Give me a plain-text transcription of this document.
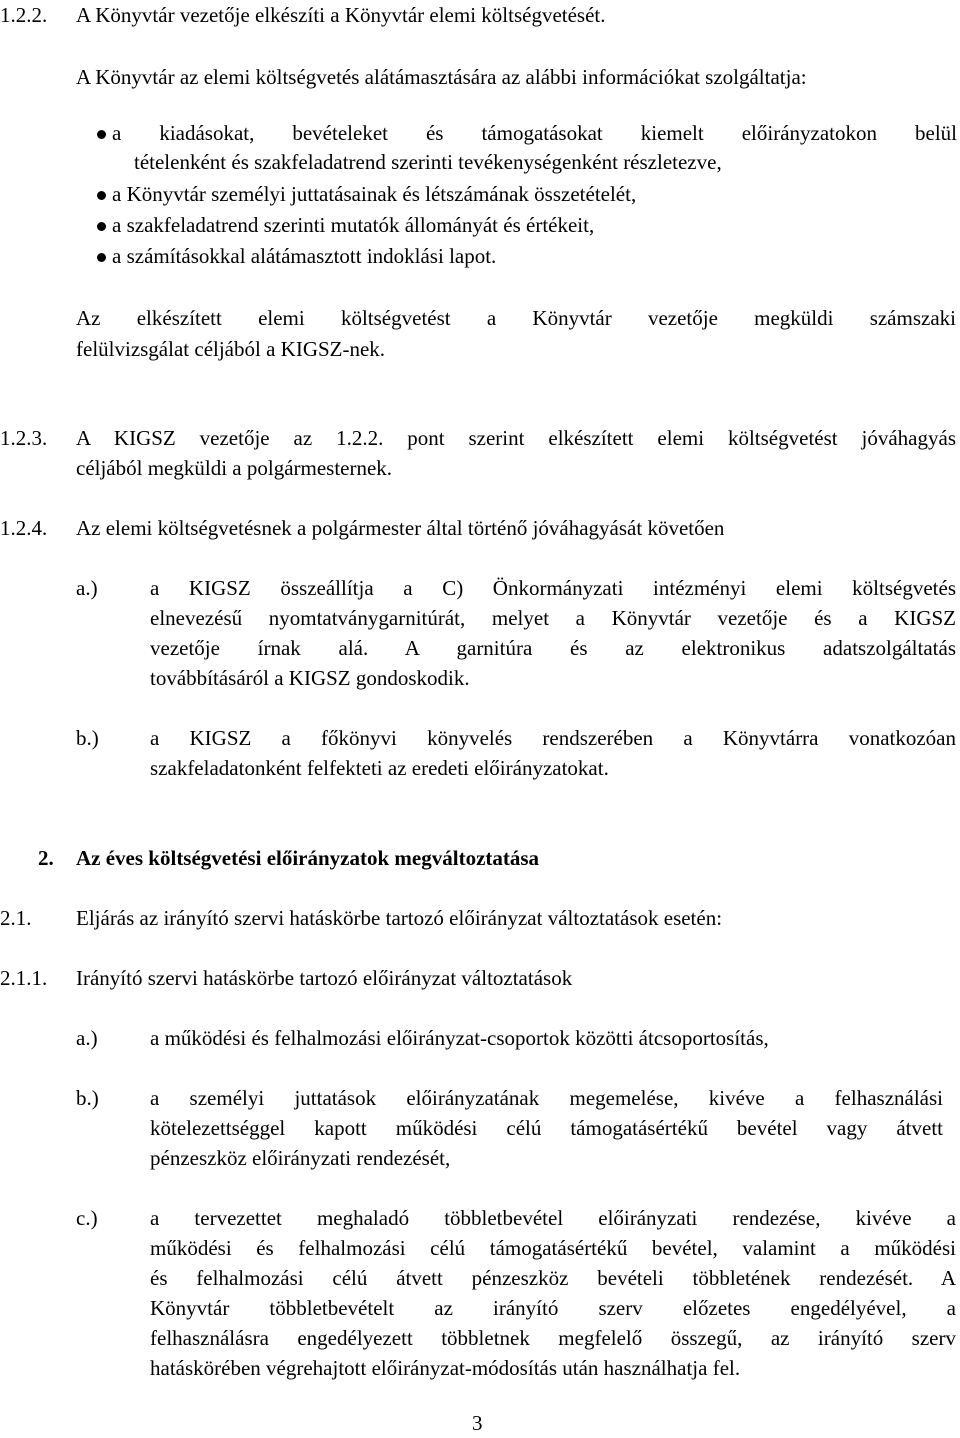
1.2.2. A Könyvtár vezetője elkészíti a Könyvtár elemi költségvetését.
A Könyvtár az elemi költségvetés alátámasztására az alábbi információkat szolgáltatja:
a kiadásokat, bevételeket és támogatásokat kiemelt előirányzatokon belül
tételenként és szakfeladatrend szerinti tevékenységenként részletezve,
a Könyvtár személyi juttatásainak és létszámának összetételét,
a szakfeladatrend szerinti mutatók állományát és értékeit,
a számításokkal alátámasztott indoklási lapot.
Az elkészített elemi költségvetést a Könyvtár vezetője megküldi számszaki
felülvizsgálat céljából a KIGSZ-nek.
1.2.3. A KIGSZ vezetője az 1.2.2. pont szerint elkészített elemi költségvetést jóváhagyás
céljából megküldi a polgármesternek.
1.2.4. Az elemi költségvetésnek a polgármester által történő jóváhagyását követően
a.) a KIGSZ összeállítja a C) Önkormányzati intézményi elemi költségvetés
elnevezésű nyomtatványgarnitúrát, melyet a Könyvtár vezetője és a KIGSZ
vezetője írnak alá. A garnitúra és az elektronikus adatszolgáltatás
továbbításáról a KIGSZ gondoskodik.
b.) a KIGSZ a főkönyvi könyvelés rendszerében a Könyvtárra vonatkozóan
szakfeladatonként felfekteti az eredeti előirányzatokat.
2. Az éves költségvetési előirányzatok megváltoztatása
2.1. Eljárás az irányító szervi hatáskörbe tartozó előirányzat változtatások esetén:
2.1.1. Irányító szervi hatáskörbe tartozó előirányzat változtatások
a.) a működési és felhalmozási előirányzat-csoportok közötti átcsoportosítás,
b.) a személyi juttatások előirányzatának megemelése, kivéve a felhasználási
kötelezettséggel kapott működési célú támogatásértékű bevétel vagy átvett
pénzeszköz előirányzati rendezését,
c.) a tervezettet meghaladó többletbevétel előirányzati rendezése, kivéve a
működési és felhalmozási célú támogatásértékű bevétel, valamint a működési
és felhalmozási célú átvett pénzeszköz bevételi többletének rendezését. A
Könyvtár többletbevételt az irányító szerv előzetes engedélyével, a
felhasználásra engedélyezett többletnek megfelelő összegű, az irányító szerv
hatáskörében végrehajtott előirányzat-módosítás után használhatja fel.
3
